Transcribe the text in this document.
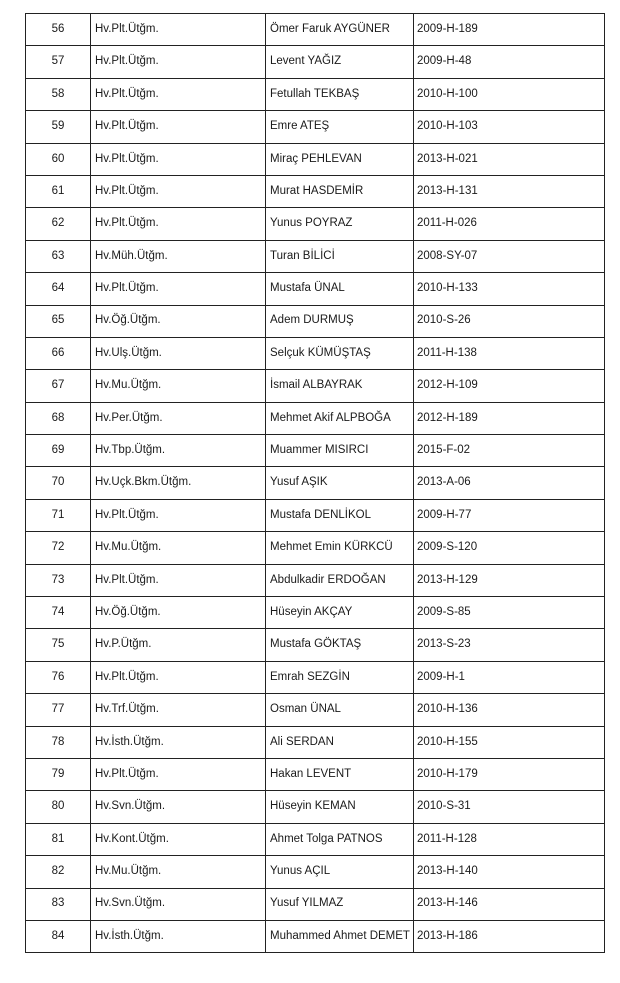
56	Hv.Plt.Ütğm.	Ömer Faruk AYGÜNER	2009-H-189
57	Hv.Plt.Ütğm.	Levent YAĞIZ	2009-H-48
58	Hv.Plt.Ütğm.	Fetullah TEKBAŞ	2010-H-100
59	Hv.Plt.Ütğm.	Emre ATEŞ	2010-H-103
60	Hv.Plt.Ütğm.	Miraç PEHLEVAN	2013-H-021
61	Hv.Plt.Ütğm.	Murat HASDEMİR	2013-H-131
62	Hv.Plt.Ütğm.	Yunus POYRAZ	2011-H-026
63	Hv.Müh.Ütğm.	Turan BİLİCİ	2008-SY-07
64	Hv.Plt.Ütğm.	Mustafa ÜNAL	2010-H-133
65	Hv.Öğ.Ütğm.	Adem DURMUŞ	2010-S-26
66	Hv.Ulş.Ütğm.	Selçuk KÜMÜŞTAŞ	2011-H-138
67	Hv.Mu.Ütğm.	İsmail ALBAYRAK	2012-H-109
68	Hv.Per.Ütğm.	Mehmet Akif ALPBOĞA	2012-H-189
69	Hv.Tbp.Ütğm.	Muammer MISIRCI	2015-F-02
70	Hv.Uçk.Bkm.Ütğm.	Yusuf AŞIK	2013-A-06
71	Hv.Plt.Ütğm.	Mustafa DENLİKOL	2009-H-77
72	Hv.Mu.Ütğm.	Mehmet Emin KÜRKCÜ	2009-S-120
73	Hv.Plt.Ütğm.	Abdulkadir ERDOĞAN	2013-H-129
74	Hv.Öğ.Ütğm.	Hüseyin AKÇAY	2009-S-85
75	Hv.P.Ütğm.	Mustafa GÖKTAŞ	2013-S-23
76	Hv.Plt.Ütğm.	Emrah SEZGİN	2009-H-1
77	Hv.Trf.Ütğm.	Osman ÜNAL	2010-H-136
78	Hv.İsth.Ütğm.	Ali SERDAN	2010-H-155
79	Hv.Plt.Ütğm.	Hakan LEVENT	2010-H-179
80	Hv.Svn.Ütğm.	Hüseyin KEMAN	2010-S-31
81	Hv.Kont.Ütğm.	Ahmet Tolga PATNOS	2011-H-128
82	Hv.Mu.Ütğm.	Yunus AÇIL	2013-H-140
83	Hv.Svn.Ütğm.	Yusuf YILMAZ	2013-H-146
84	Hv.İsth.Ütğm.	Muhammed Ahmet DEMET	2013-H-186
